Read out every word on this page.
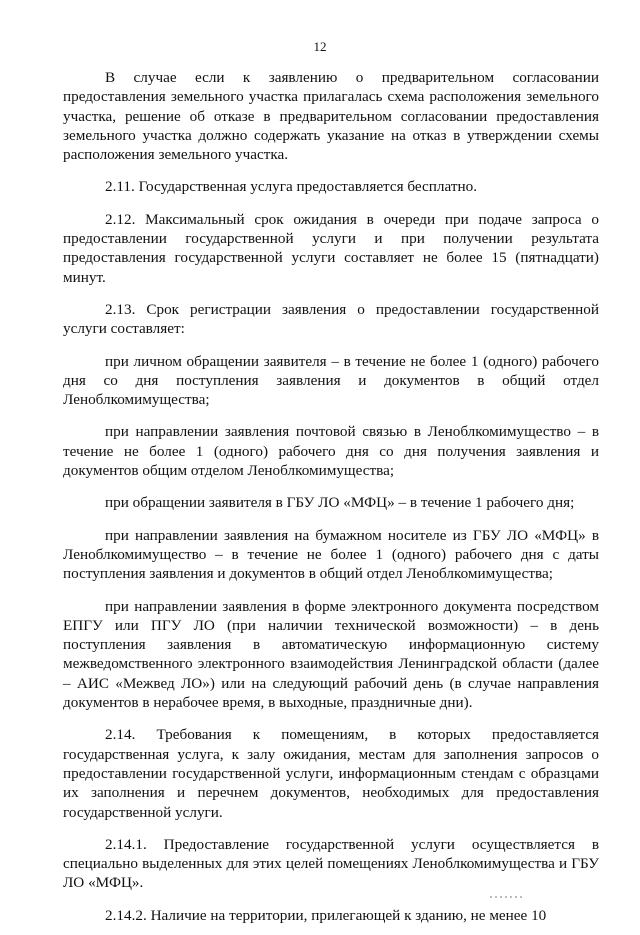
12

В случае если к заявлению о предварительном согласовании предоставления земельного участка прилагалась схема расположения земельного участка, решение об отказе в предварительном согласовании предоставления земельного участка должно содержать указание на отказ в утверждении схемы расположения земельного участка.

2.11. Государственная услуга предоставляется бесплатно.

2.12. Максимальный срок ожидания в очереди при подаче запроса о предоставлении государственной услуги и при получении результата предоставления государственной услуги составляет не более 15 (пятнадцати) минут.

2.13. Срок регистрации заявления о предоставлении государственной услуги составляет:

при личном обращении заявителя – в течение не более 1 (одного) рабочего дня со дня поступления заявления и документов в общий отдел Леноблкомимущества;

при направлении заявления почтовой связью в Леноблкомимущество – в течение не более 1 (одного) рабочего дня со дня получения заявления и документов общим отделом Леноблкомимущества;

при обращении заявителя в ГБУ ЛО «МФЦ» – в течение 1 рабочего дня;

при направлении заявления на бумажном носителе из ГБУ ЛО «МФЦ» в Леноблкомимущество – в течение не более 1 (одного) рабочего дня с даты поступления заявления и документов в общий отдел Леноблкомимущества;

при направлении заявления в форме электронного документа посредством ЕПГУ или ПГУ ЛО (при наличии технической возможности) – в день поступления заявления в автоматическую информационную систему межведомственного электронного взаимодействия Ленинградской области (далее – АИС «Межвед ЛО») или на следующий рабочий день (в случае направления документов в нерабочее время, в выходные, праздничные дни).

2.14. Требования к помещениям, в которых предоставляется государственная услуга, к залу ожидания, местам для заполнения запросов о предоставлении государственной услуги, информационным стендам с образцами их заполнения и перечнем документов, необходимых для предоставления государственной услуги.

2.14.1. Предоставление государственной услуги осуществляется в специально выделенных для этих целей помещениях Леноблкомимущества и ГБУ ЛО «МФЦ».

2.14.2. Наличие на территории, прилегающей к зданию, не менее 10
